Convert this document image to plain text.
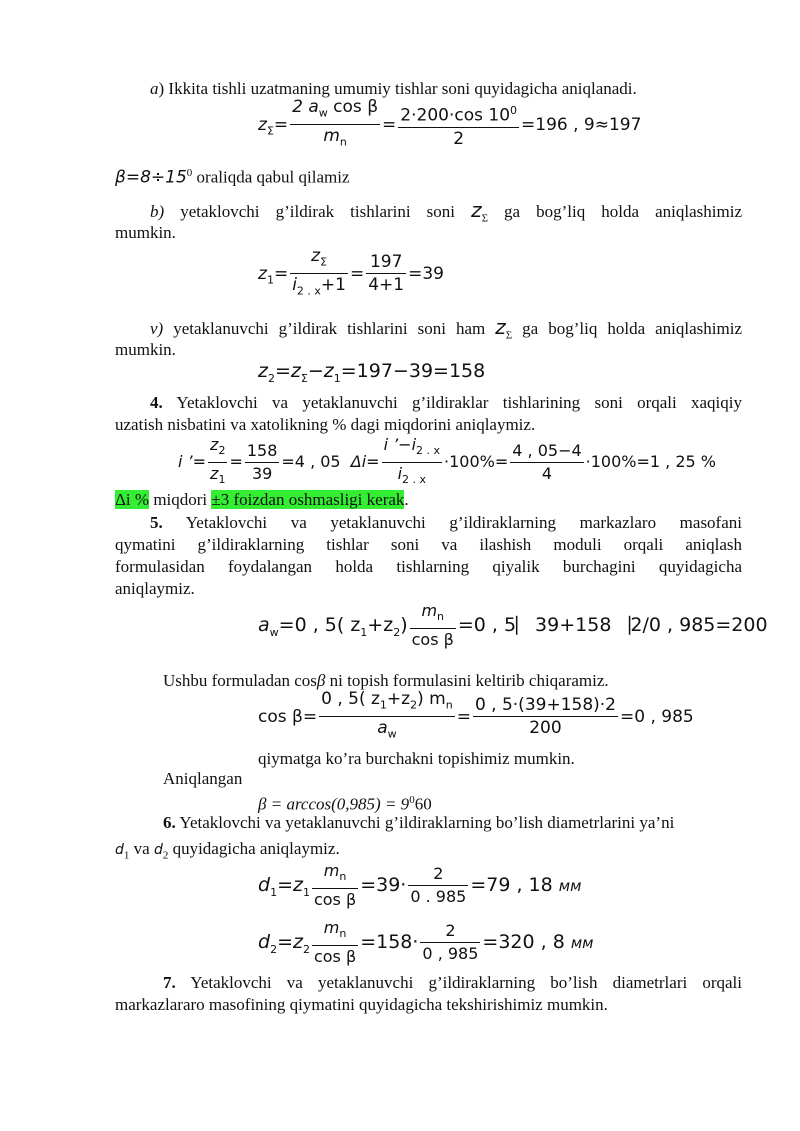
a) Ikkita tishli uzatmaning umumiy tishlar soni quyidagicha aniqlanadi.
$z_\Sigma= \frac{2 a_w \cos \beta}{m_n} = \frac{2\cdot 200\cdot\cos 10^0}{2} =196$ , 9≈197
$\beta=8\div 15^0$ oraliqda qabul qilamiz
b) yetaklovchi g’ildirak tishlarini soni $z_\Sigma$ ga bog’liq holda aniqlashimiz
mumkin.
$z_1= \frac{z_\Sigma}{i_{2 . x}+1} = \frac{197}{4+1} =39$
v) yetaklanuvchi g’ildirak tishlarini soni ham $z_\Sigma$ ga bog’liq holda aniqlashimiz
mumkin.
$z_2=z_\Sigma-z_1=197-39=158$
4. Yetaklovchi va yetaklanuvchi g’ildiraklar tishlarining soni orqali xaqiqiy
uzatish nisbatini va xatolikning % dagi miqdorini aniqlaymiz.
i ’= $\frac{z_2}{z_1} = \frac{158}{39} =4$ , 05 $\Delta i= \frac{i ’-i_{2 . x}}{i_{2 . x}} \cdot 100\%= \frac{4 , 05-4}{4} \cdot 100\%=1$ , 25 %
Δi % miqdori ±3 foizdan oshmasligi kerak.
5. Yetaklovchi va yetaklanuvchi g’ildiraklarning markazlaro masofani
qymatini g’ildiraklarning tishlar soni va ilashish moduli orqali aniqlash
formulasidan foydalangan holda tishlarning qiyalik burchagini quyidagicha
aniqlaymiz.
$a_w=0$ , 5( $z_1+z_2) \frac{m_n}{\text{cos β}} =0$ , 5⎸39+158⎹2/0 , 985=200
Ushbu formuladan cosβ ni topish formulasini keltirib chiqaramiz.
$\cos \beta= \frac{0 , 5( z_1+z_2) m_n}{a_w} = \frac{0 , 5\cdot(39+158)\cdot 2}{200} =0$ , 985
qiymatga ko’ra burchakni topishimiz mumkin.
Aniqlangan
$\beta = \arccos(0,985) = 9^060$
6. Yetaklovchi va yetaklanuvchi g’ildiraklarning bo’lish diametrlarini ya’ni
$d_1$ va $d_2$ quyidagicha aniqlaymiz.
$d_1=z_1 \frac{m_n}{\text{cos β}} =39\cdot \frac{2}{0 . 985} =79$ , 18 мм
$d_2=z_2 \frac{m_n}{\text{cos β}} =158\cdot \frac{2}{0 , 985} =320$ , 8 мм
7. Yetaklovchi va yetaklanuvchi g’ildiraklarning bo’lish diametrlari orqali
markazlararo masofining qiymatini quyidagicha tekshirishimiz mumkin.
